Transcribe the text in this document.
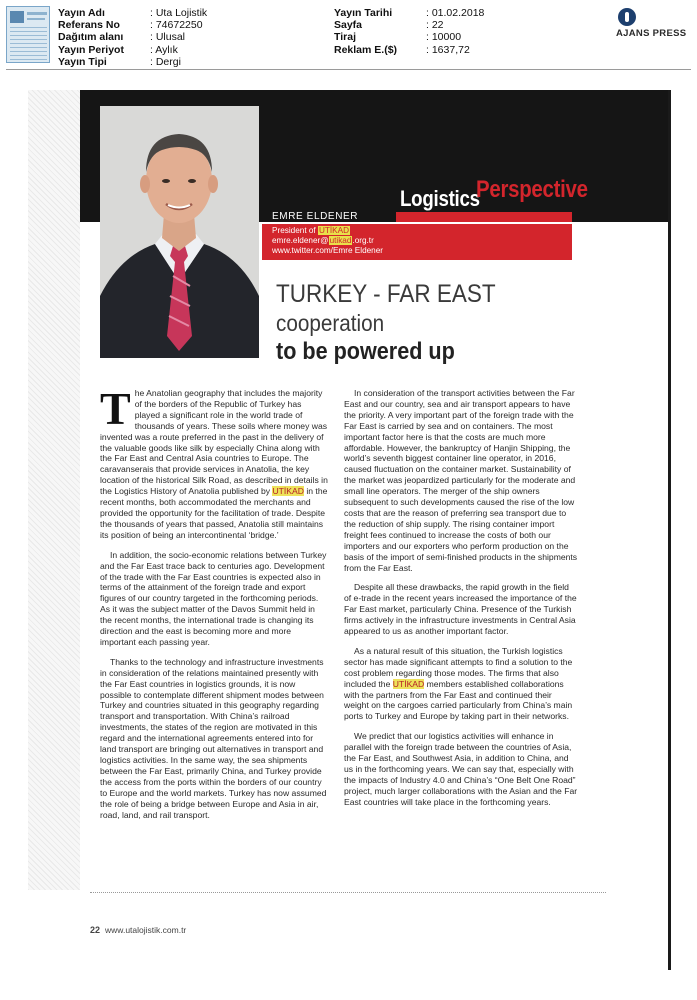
Yayın Adı	: Uta Lojistik
Referans No	: 74672250
Dağıtım alanı	: Ulusal
Yayın Periyot	: Aylık
Yayın Tipi	: Dergi
Yayın Tarihi	: 01.02.2018
Sayfa	: 22
Tiraj	: 10000
Reklam E.($)	: 1637,72
AJANS PRESS
Logistics
Perspective
EMRE ELDENER
President of UTİKAD
emre.eldener@utikad.org.tr
www.twitter.com/Emre Eldener
TURKEY - FAR EAST
cooperation
to be powered up

The Anatolian geography that includes the majority of the borders of the Republic of Turkey has played a significant role in the world trade of thousands of years. These soils where money was invented was a route preferred in the past in the delivery of the valuable goods like silk by especially China along with the Far East and Central Asia countries to Europe. The caravanserais that provide services in Anatolia, the key location of the historical Silk Road, as described in details in the Logistics History of Anatolia published by UTİKAD in the recent months, both accommodated the merchants and provided the opportunity for the facilitation of trade. Despite the thousands of years that passed, Anatolia still maintains its position of being an intercontinental ‘bridge.’

In addition, the socio-economic relations between Turkey and the Far East trace back to centuries ago. Development of the trade with the Far East countries is expected also in terms of the attainment of the foreign trade and export figures of our country targeted in the forthcoming periods. As it was the subject matter of the Davos Summit held in the recent months, the international trade is changing its direction and the east is becoming more and more important each passing year.

Thanks to the technology and infrastructure investments in consideration of the relations maintained presently with the Far East countries in logistics grounds, it is now possible to contemplate different shipment modes between Turkey and countries situated in this geography regarding transport and transportation. With China’s railroad investments, the states of the region are motivated in this regard and the international agreements entered into for land transport are bringing out alternatives in transport and logistics activities. In the same way, the sea shipments between the Far East, primarily China, and Turkey provide the access from the ports within the borders of our country to Europe and the world markets. Turkey has now assumed the role of being a bridge between Europe and Asia in air, road, land, and rail transport.

In consideration of the transport activities between the Far East and our country, sea and air transport appears to have the priority. A very important part of the foreign trade with the Far East is carried by sea and on containers. The most important factor here is that the costs are much more affordable. However, the bankruptcy of Hanjin Shipping, the world’s seventh biggest container line operator, in 2016, caused fluctuation on the container market. Sustainability of the market was jeopardized particularly for the moderate and small line operators. The merger of the ship owners subsequent to such developments caused the rise of the low costs that are the reason of preferring sea transport due to the reduction of ship supply. The rising container import freight fees continued to increase the costs of both our importers and our exporters who perform production on the basis of the import of semi-finished products in the shipments from the Far East.

Despite all these drawbacks, the rapid growth in the field of e-trade in the recent years increased the importance of the Far East market, particularly China. Presence of the Turkish firms actively in the infrastructure investments in Central Asia appeared to us as another important factor.

As a natural result of this situation, the Turkish logistics sector has made significant attempts to find a solution to the cost problem regarding those modes. The firms that also included the UTİKAD members established collaborations with the partners from the Far East and continued their weight on the cargoes carried particularly from China’s main ports to Turkey and Europe by taking part in their networks.

We predict that our logistics activities will enhance in parallel with the foreign trade between the countries of Asia, the Far East, and Southwest Asia, in addition to China, and us in the forthcoming years. We can say that, especially with the impacts of Industry 4.0 and China’s “One Belt One Road” project, much larger collaborations with the Asian and the Far East countries will take place in the forthcoming years.

22 www.utalojistik.com.tr
